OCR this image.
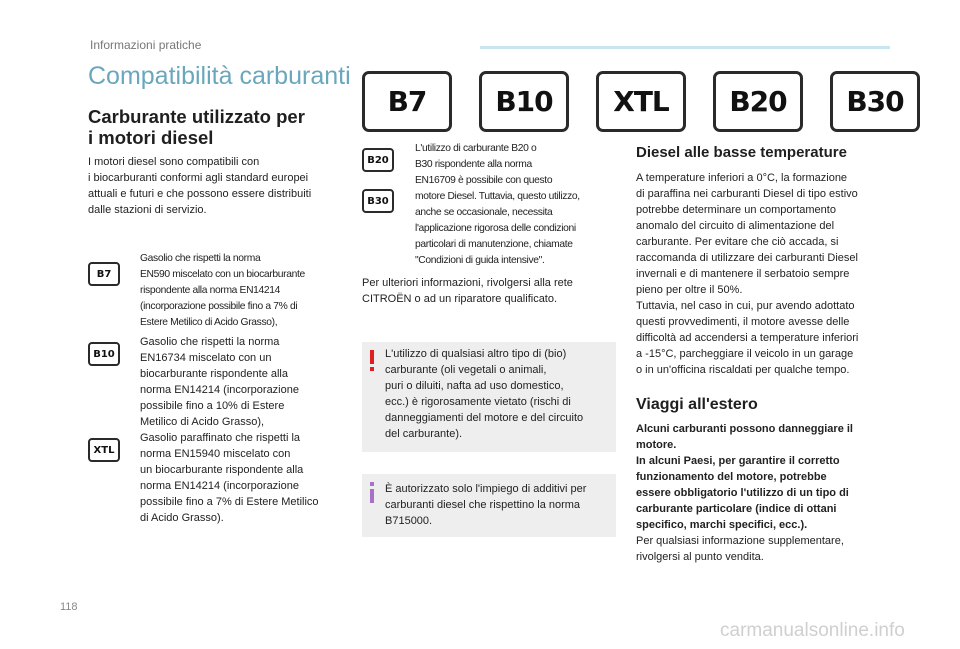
Informazioni pratiche
Compatibilità carburanti
Carburante utilizzato per
i motori diesel
I motori diesel sono compatibili con
i biocarburanti conformi agli standard europei
attuali e futuri e che possono essere distribuiti
dalle stazioni di servizio.
B7
Gasolio che rispetti la norma
EN590 miscelato con un biocarburante
rispondente alla norma EN14214
(incorporazione possibile fino a 7% di
Estere Metilico di Acido Grasso),
B10
Gasolio che rispetti la norma
EN16734 miscelato con un
biocarburante rispondente alla
norma EN14214 (incorporazione
possibile fino a 10% di Estere
Metilico di Acido Grasso),
XTL
Gasolio paraffinato che rispetti la
norma EN15940 miscelato con
un biocarburante rispondente alla
norma EN14214 (incorporazione
possibile fino a 7% di Estere Metilico
di Acido Grasso).
B7	B10	XTL	B20	B30
B20
B30
L'utilizzo di carburante B20 o
B30 rispondente alla norma
EN16709 è possibile con questo
motore Diesel. Tuttavia, questo utilizzo,
anche se occasionale, necessita
l'applicazione rigorosa delle condizioni
particolari di manutenzione, chiamate
"Condizioni di guida intensive".
Per ulteriori informazioni, rivolgersi alla rete
CITROËN o ad un riparatore qualificato.
L'utilizzo di qualsiasi altro tipo di (bio)
carburante (oli vegetali o animali,
puri o diluiti, nafta ad uso domestico,
ecc.) è rigorosamente vietato (rischi di
danneggiamenti del motore e del circuito
del carburante).
È autorizzato solo l'impiego di additivi per
carburanti diesel che rispettino la norma
B715000.
Diesel alle basse temperature
A temperature inferiori a 0°C, la formazione
di paraffina nei carburanti Diesel di tipo estivo
potrebbe determinare un comportamento
anomalo del circuito di alimentazione del
carburante. Per evitare che ciò accada, si
raccomanda di utilizzare dei carburanti Diesel
invernali e di mantenere il serbatoio sempre
pieno per oltre il 50%.
Tuttavia, nel caso in cui, pur avendo adottato
questi provvedimenti, il motore avesse delle
difficoltà ad accendersi a temperature inferiori
a -15°C, parcheggiare il veicolo in un garage
o in un'officina riscaldati per qualche tempo.
Viaggi all'estero
Alcuni carburanti possono danneggiare il
motore.
In alcuni Paesi, per garantire il corretto
funzionamento del motore, potrebbe
essere obbligatorio l'utilizzo di un tipo di
carburante particolare (indice di ottani
specifico, marchi specifici, ecc.).
Per qualsiasi informazione supplementare,
rivolgersi al punto vendita.
118
carmanualsonline.info
